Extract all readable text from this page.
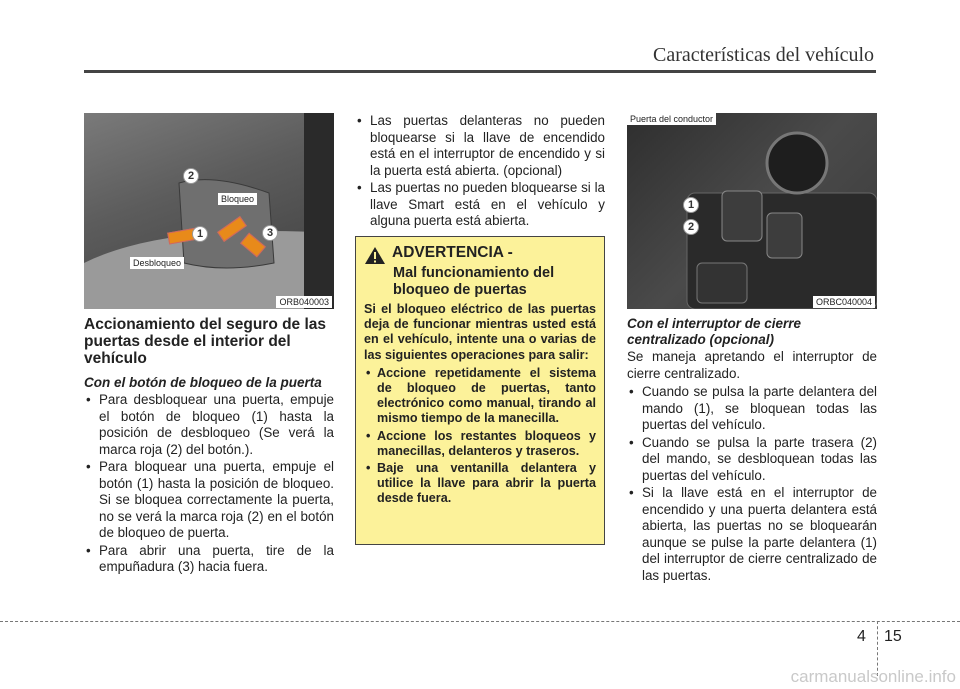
Características del vehículo
2
1	3
Bloqueo
Desbloqueo
ORB040003
Accionamiento del seguro de las puertas desde el interior del vehículo
Con el botón de bloqueo de la puerta
• Para desbloquear una puerta, empuje el botón de bloqueo (1) hasta la posición de desbloqueo (Se verá la marca roja (2) del botón.).
• Para bloquear una puerta, empuje el botón (1) hasta la posición de bloqueo. Si se bloquea correctamente la puerta, no se verá la marca roja (2) en el botón de bloqueo de puerta.
• Para abrir una puerta, tire de la empuñadura (3) hacia fuera.
• Las puertas delanteras no pueden bloquearse si la llave de encendido está en el interruptor de encendido y si la puerta está abierta. (opcional)
• Las puertas no pueden bloquearse si la llave Smart está en el vehículo y alguna puerta está abierta.
ADVERTENCIA -
Mal funcionamiento del bloqueo de puertas

Si el bloqueo eléctrico de las puertas deja de funcionar mientras usted está en el vehículo, intente una o varias de las siguientes operaciones para salir:

• Accione repetidamente el sistema de bloqueo de puertas, tanto electrónico como manual, tirando al mismo tiempo de la manecilla.
• Accione los restantes bloqueos y manecillas, delanteros y traseros.
• Baje una ventanilla delantera y utilice la llave para abrir la puerta desde fuera.
Puerta del conductor
1
2
ORBC040004
Con el interruptor de cierre centralizado (opcional)

Se maneja apretando el interruptor de cierre centralizado.

• Cuando se pulsa la parte delantera del mando (1), se bloquean todas las puertas del vehículo.
• Cuando se pulsa la parte trasera (2) del mando, se desbloquean todas las puertas del vehículo.
• Si la llave está en el interruptor de encendido y una puerta delantera está abierta, las puertas no se bloquearán aunque se pulse la parte delantera (1) del interruptor de cierre centralizado de las puertas.
4 15
carmanualsonline.info
